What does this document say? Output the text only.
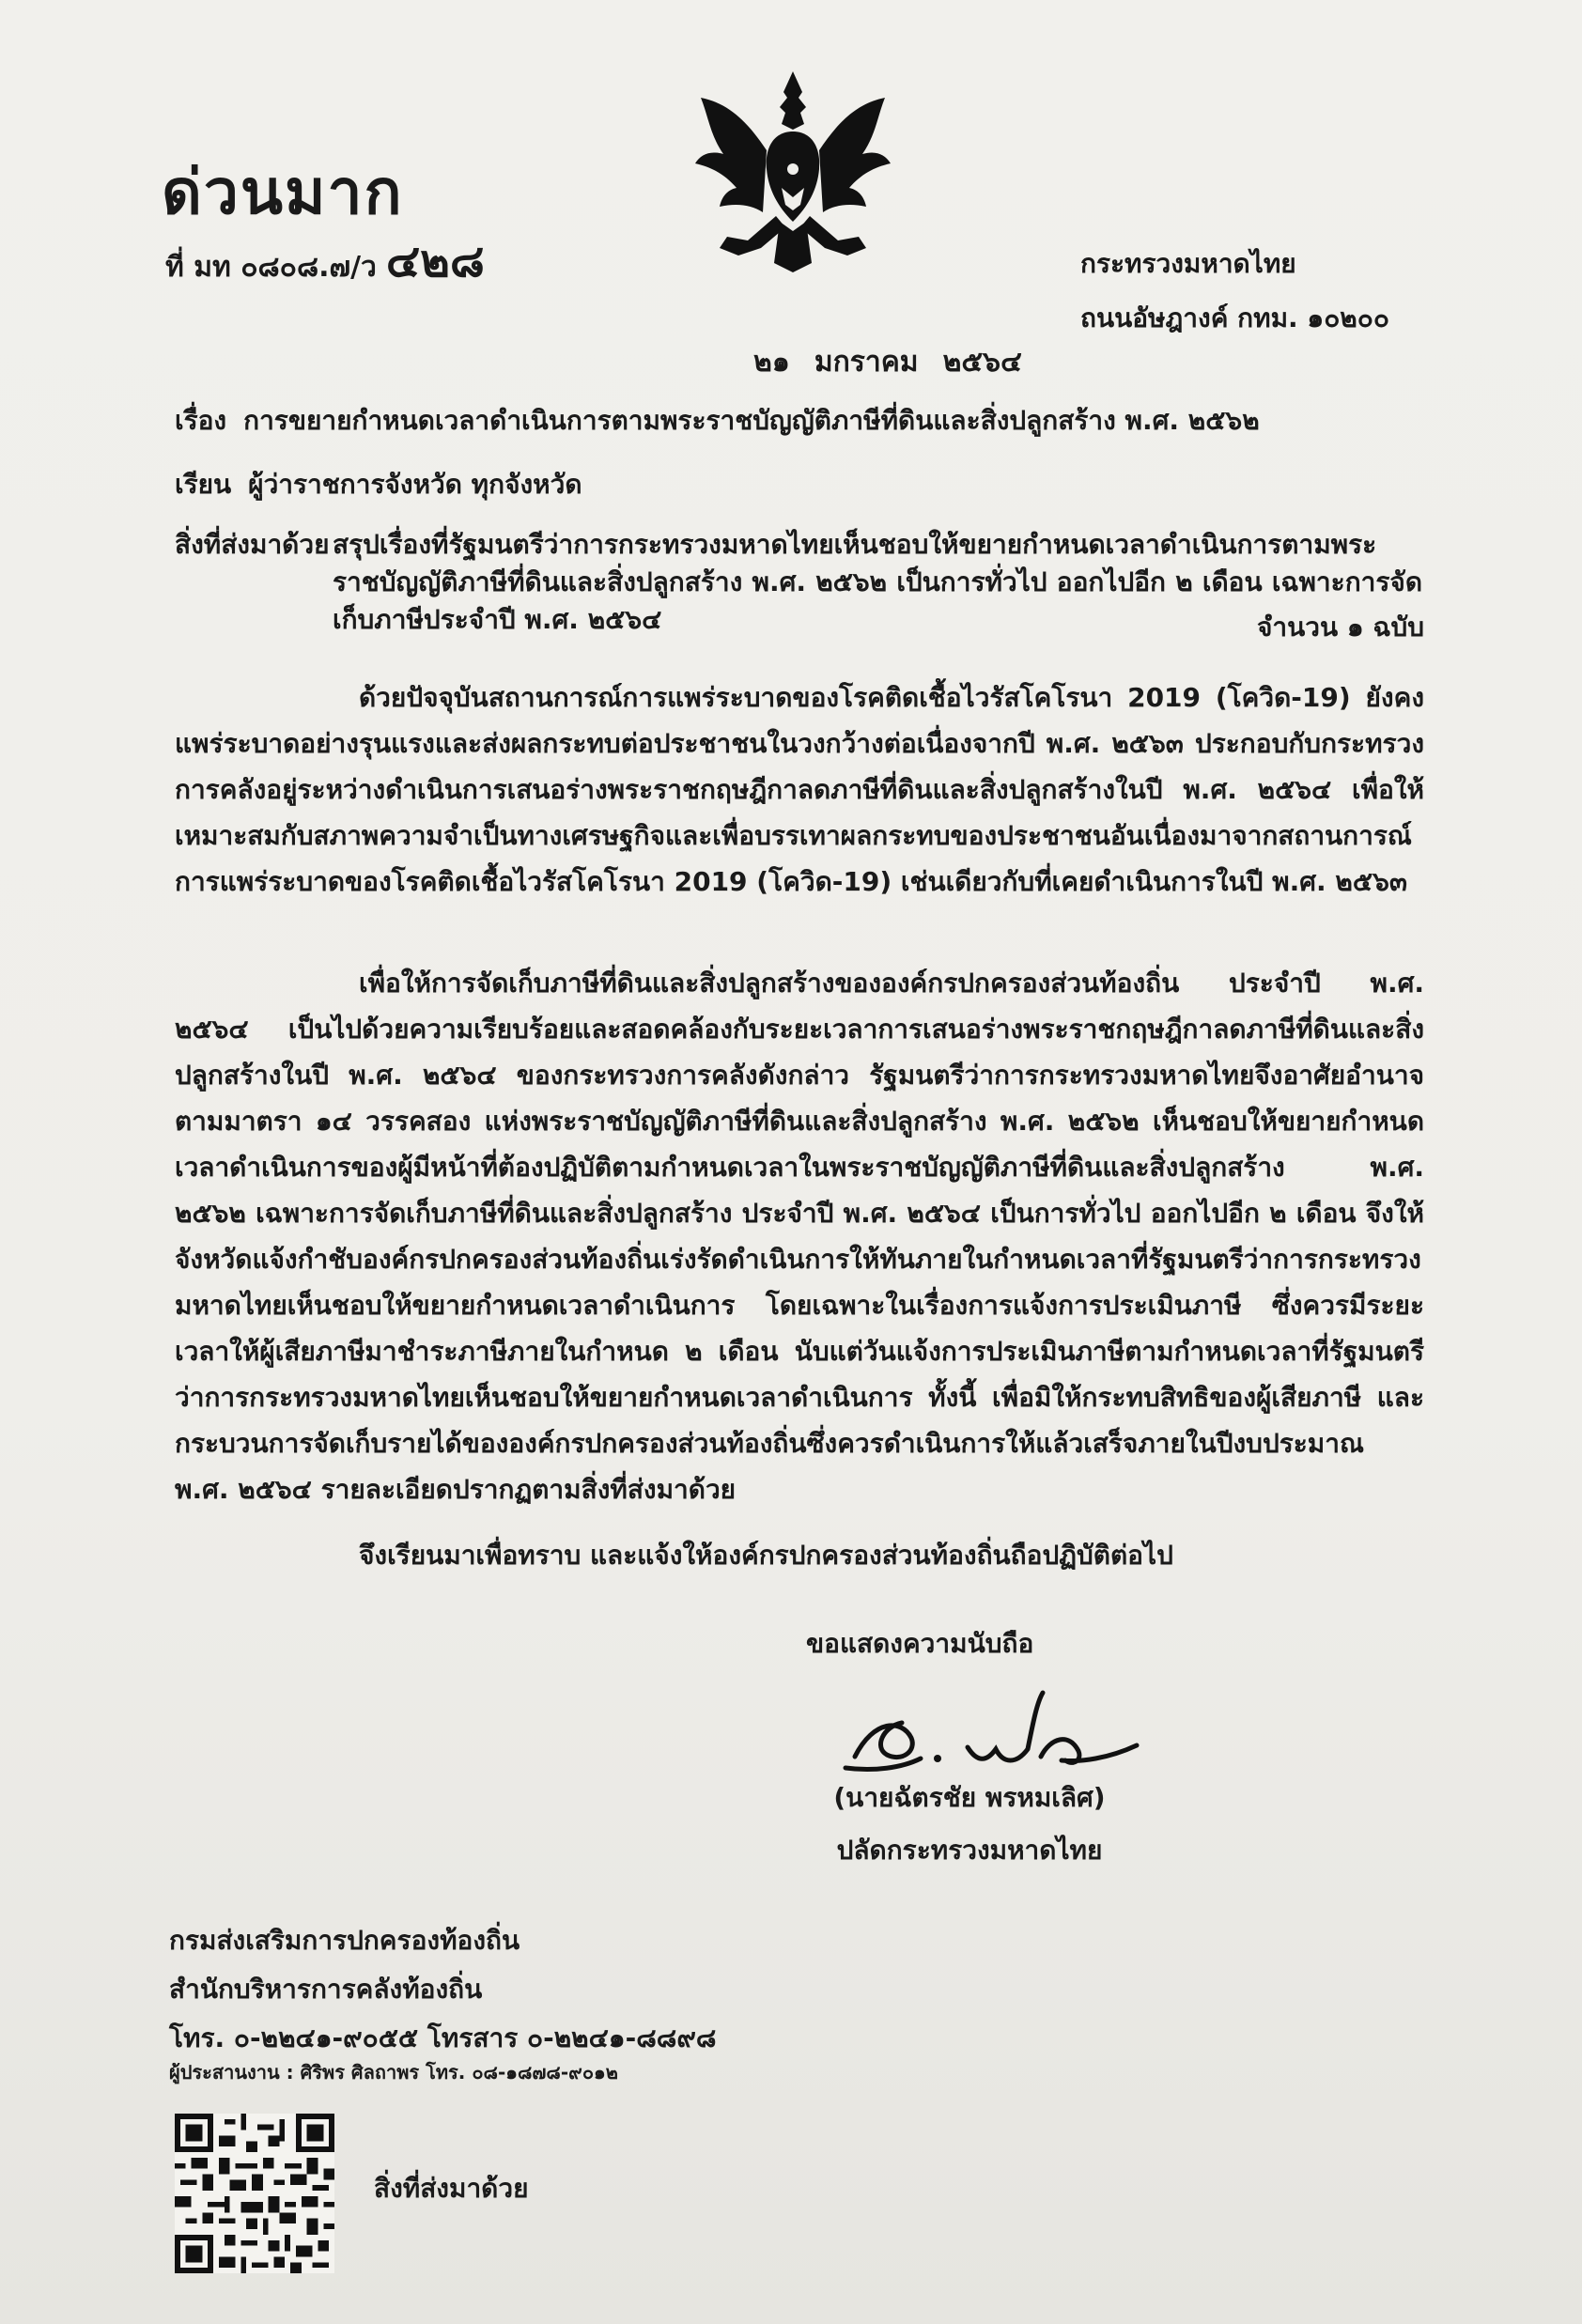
ด่วนมาก
ที่ มท ๐๘๐๘.๗/ว ๔๒๘	กระทรวงมหาดไทย
ถนนอัษฎางค์ กทม. ๑๐๒๐๐
๒๑ มกราคม ๒๕๖๔
เรื่อง การขยายกำหนดเวลาดำเนินการตามพระราชบัญญัติภาษีที่ดินและสิ่งปลูกสร้าง พ.ศ. ๒๕๖๒
เรียน ผู้ว่าราชการจังหวัด ทุกจังหวัด
สิ่งที่ส่งมาด้วย สรุปเรื่องที่รัฐมนตรีว่าการกระทรวงมหาดไทยเห็นชอบให้ขยายกำหนดเวลาดำเนินการตามพระราชบัญญัติภาษีที่ดินและสิ่งปลูกสร้าง พ.ศ. ๒๕๖๒ เป็นการทั่วไป ออกไปอีก ๒ เดือน เฉพาะการจัดเก็บภาษีประจำปี พ.ศ. ๒๕๖๔	จำนวน ๑ ฉบับ
ด้วยปัจจุบันสถานการณ์การแพร่ระบาดของโรคติดเชื้อไวรัสโคโรนา 2019 (โควิด-19) ยังคงแพร่ระบาดอย่างรุนแรงและส่งผลกระทบต่อประชาชนในวงกว้างต่อเนื่องจากปี พ.ศ. ๒๕๖๓ ประกอบกับกระทรวงการคลังอยู่ระหว่างดำเนินการเสนอร่างพระราชกฤษฎีกาลดภาษีที่ดินและสิ่งปลูกสร้างในปี พ.ศ. ๒๕๖๔ เพื่อให้เหมาะสมกับสภาพความจำเป็นทางเศรษฐกิจและเพื่อบรรเทาผลกระทบของประชาชนอันเนื่องมาจากสถานการณ์การแพร่ระบาดของโรคติดเชื้อไวรัสโคโรนา 2019 (โควิด-19) เช่นเดียวกับที่เคยดำเนินการในปี พ.ศ. ๒๕๖๓
เพื่อให้การจัดเก็บภาษีที่ดินและสิ่งปลูกสร้างขององค์กรปกครองส่วนท้องถิ่น ประจำปี พ.ศ. ๒๕๖๔ เป็นไปด้วยความเรียบร้อยและสอดคล้องกับระยะเวลาการเสนอร่างพระราชกฤษฎีกาลดภาษีที่ดินและสิ่งปลูกสร้างในปี พ.ศ. ๒๕๖๔ ของกระทรวงการคลังดังกล่าว รัฐมนตรีว่าการกระทรวงมหาดไทยจึงอาศัยอำนาจตามมาตรา ๑๔ วรรคสอง แห่งพระราชบัญญัติภาษีที่ดินและสิ่งปลูกสร้าง พ.ศ. ๒๕๖๒ เห็นชอบให้ขยายกำหนดเวลาดำเนินการของผู้มีหน้าที่ต้องปฏิบัติตามกำหนดเวลาในพระราชบัญญัติภาษีที่ดินและสิ่งปลูกสร้าง พ.ศ. ๒๕๖๒ เฉพาะการจัดเก็บภาษีที่ดินและสิ่งปลูกสร้าง ประจำปี พ.ศ. ๒๕๖๔ เป็นการทั่วไป ออกไปอีก ๒ เดือน จึงให้จังหวัดแจ้งกำชับองค์กรปกครองส่วนท้องถิ่นเร่งรัดดำเนินการให้ทันภายในกำหนดเวลาที่รัฐมนตรีว่าการกระทรวงมหาดไทยเห็นชอบให้ขยายกำหนดเวลาดำเนินการ โดยเฉพาะในเรื่องการแจ้งการประเมินภาษี ซึ่งควรมีระยะเวลาให้ผู้เสียภาษีมาชำระภาษีภายในกำหนด ๒ เดือน นับแต่วันแจ้งการประเมินภาษีตามกำหนดเวลาที่รัฐมนตรีว่าการกระทรวงมหาดไทยเห็นชอบให้ขยายกำหนดเวลาดำเนินการ ทั้งนี้ เพื่อมิให้กระทบสิทธิของผู้เสียภาษี และกระบวนการจัดเก็บรายได้ขององค์กรปกครองส่วนท้องถิ่นซึ่งควรดำเนินการให้แล้วเสร็จภายในปีงบประมาณ พ.ศ. ๒๕๖๔ รายละเอียดปรากฏตามสิ่งที่ส่งมาด้วย
จึงเรียนมาเพื่อทราบ และแจ้งให้องค์กรปกครองส่วนท้องถิ่นถือปฏิบัติต่อไป
ขอแสดงความนับถือ
(นายฉัตรชัย พรหมเลิศ)
ปลัดกระทรวงมหาดไทย
กรมส่งเสริมการปกครองท้องถิ่น
สำนักบริหารการคลังท้องถิ่น
โทร. ๐-๒๒๔๑-๙๐๕๕ โทรสาร ๐-๒๒๔๑-๘๘๙๘
ผู้ประสานงาน : ศิริพร ศิลถาพร โทร. ๐๘-๑๘๗๘-๙๐๑๒
สิ่งที่ส่งมาด้วย
